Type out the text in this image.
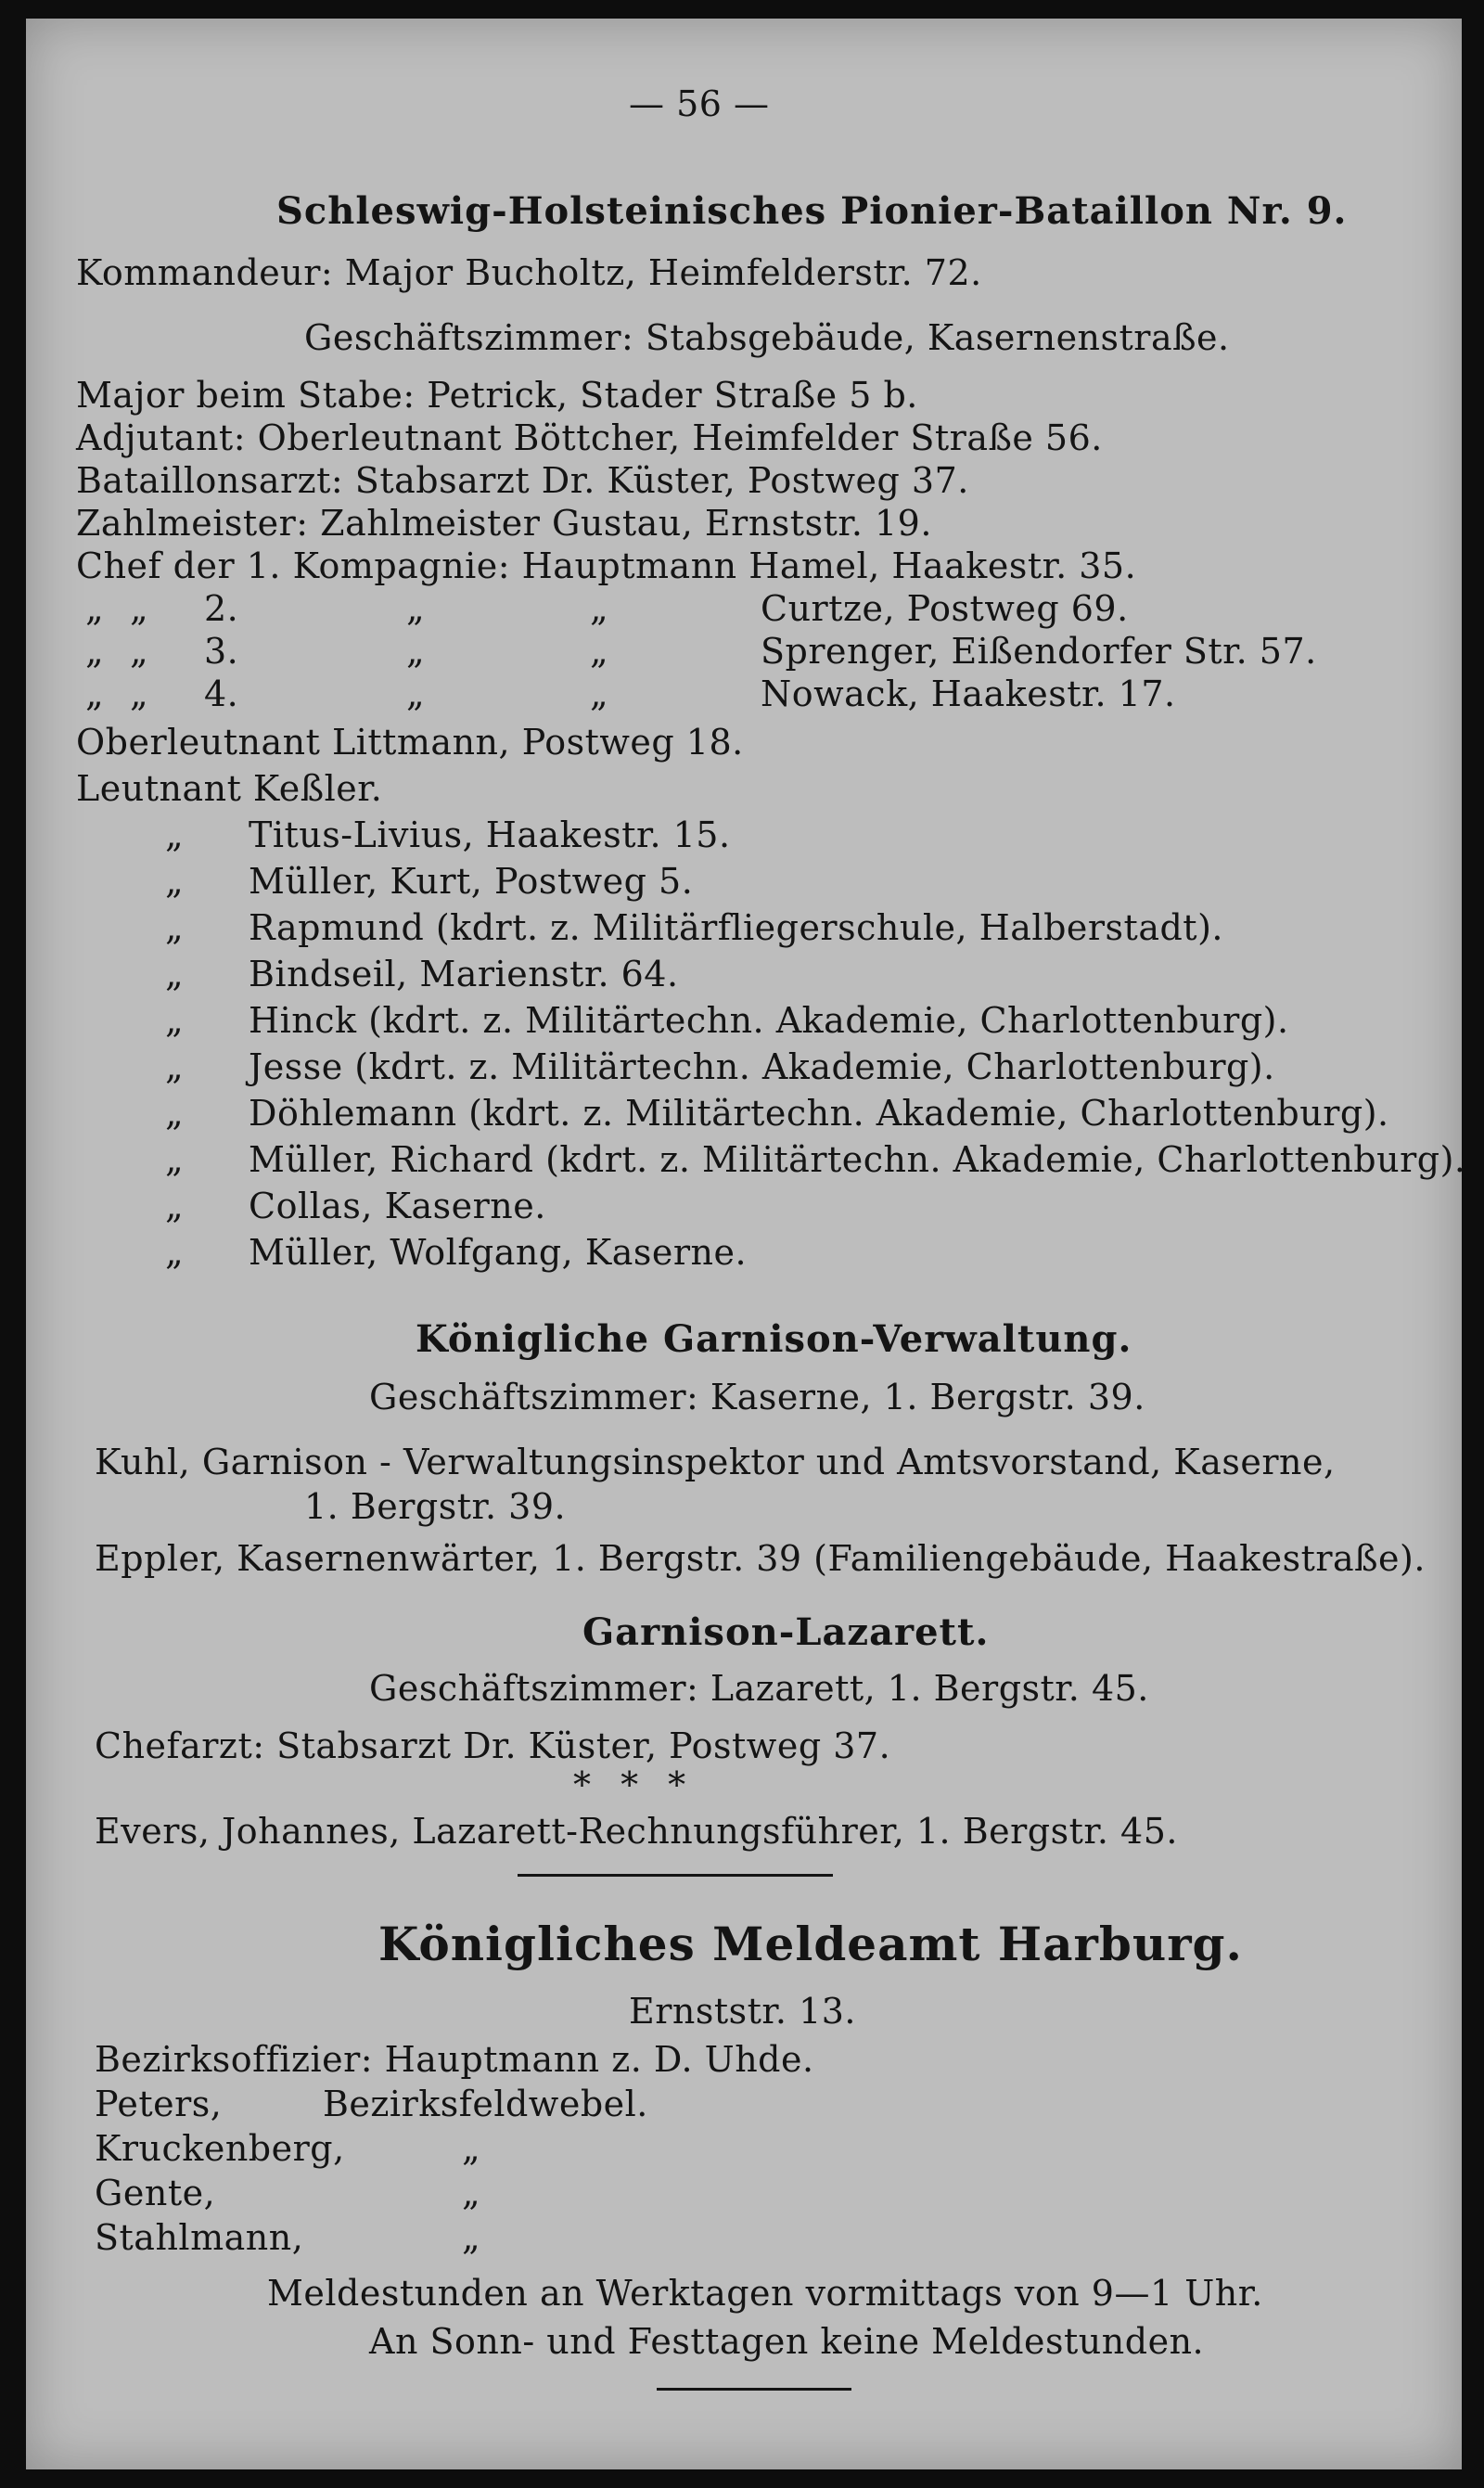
— 56 —
Schleswig-Holsteinisches Pionier-Bataillon Nr. 9.
Kommandeur: Major Bucholtz, Heimfelderstr. 72.
Geschäftszimmer: Stabsgebäude, Kasernenstraße.
Major beim Stabe: Petrick, Stader Straße 5 b.
Adjutant: Oberleutnant Böttcher, Heimfelder Straße 56.
Bataillonsarzt: Stabsarzt Dr. Küster, Postweg 37.
Zahlmeister: Zahlmeister Gustau, Ernststr. 19.
Chef der 1. Kompagnie: Hauptmann Hamel, Haakestr. 35.
„ „ 2.	„	„	Curtze, Postweg 69.
„ „ 3.	„	„	Sprenger, Eißendorfer Str. 57.
„ „ 4.	„	„	Nowack, Haakestr. 17.
Oberleutnant Littmann, Postweg 18.
Leutnant Keßler.
„ Titus-Livius, Haakestr. 15.
„ Müller, Kurt, Postweg 5.
„ Rapmund (kdrt. z. Militärfliegerschule, Halberstadt).
„ Bindseil, Marienstr. 64.
„ Hinck (kdrt. z. Militärtechn. Akademie, Charlottenburg).
„ Jesse (kdrt. z. Militärtechn. Akademie, Charlottenburg).
„ Döhlemann (kdrt. z. Militärtechn. Akademie, Charlottenburg).
„ Müller, Richard (kdrt. z. Militärtechn. Akademie, Charlottenburg).
„ Collas, Kaserne.
„ Müller, Wolfgang, Kaserne.
Königliche Garnison-Verwaltung.
Geschäftszimmer: Kaserne, 1. Bergstr. 39.
Kuhl, Garnison - Verwaltungsinspektor und Amtsvorstand, Kaserne,
1. Bergstr. 39.
Eppler, Kasernenwärter, 1. Bergstr. 39 (Familiengebäude, Haakestraße).
Garnison-Lazarett.
Geschäftszimmer: Lazarett, 1. Bergstr. 45.
Chefarzt: Stabsarzt Dr. Küster, Postweg 37.
* * *
Evers, Johannes, Lazarett-Rechnungsführer, 1. Bergstr. 45.
Königliches Meldeamt Harburg.
Ernststr. 13.
Bezirksoffizier: Hauptmann z. D. Uhde.
Peters,	Bezirksfeldwebel.
Kruckenberg,	„
Gente,	„
Stahlmann,	„
Meldestunden an Werktagen vormittags von 9—1 Uhr.
An Sonn- und Festtagen keine Meldestunden.
